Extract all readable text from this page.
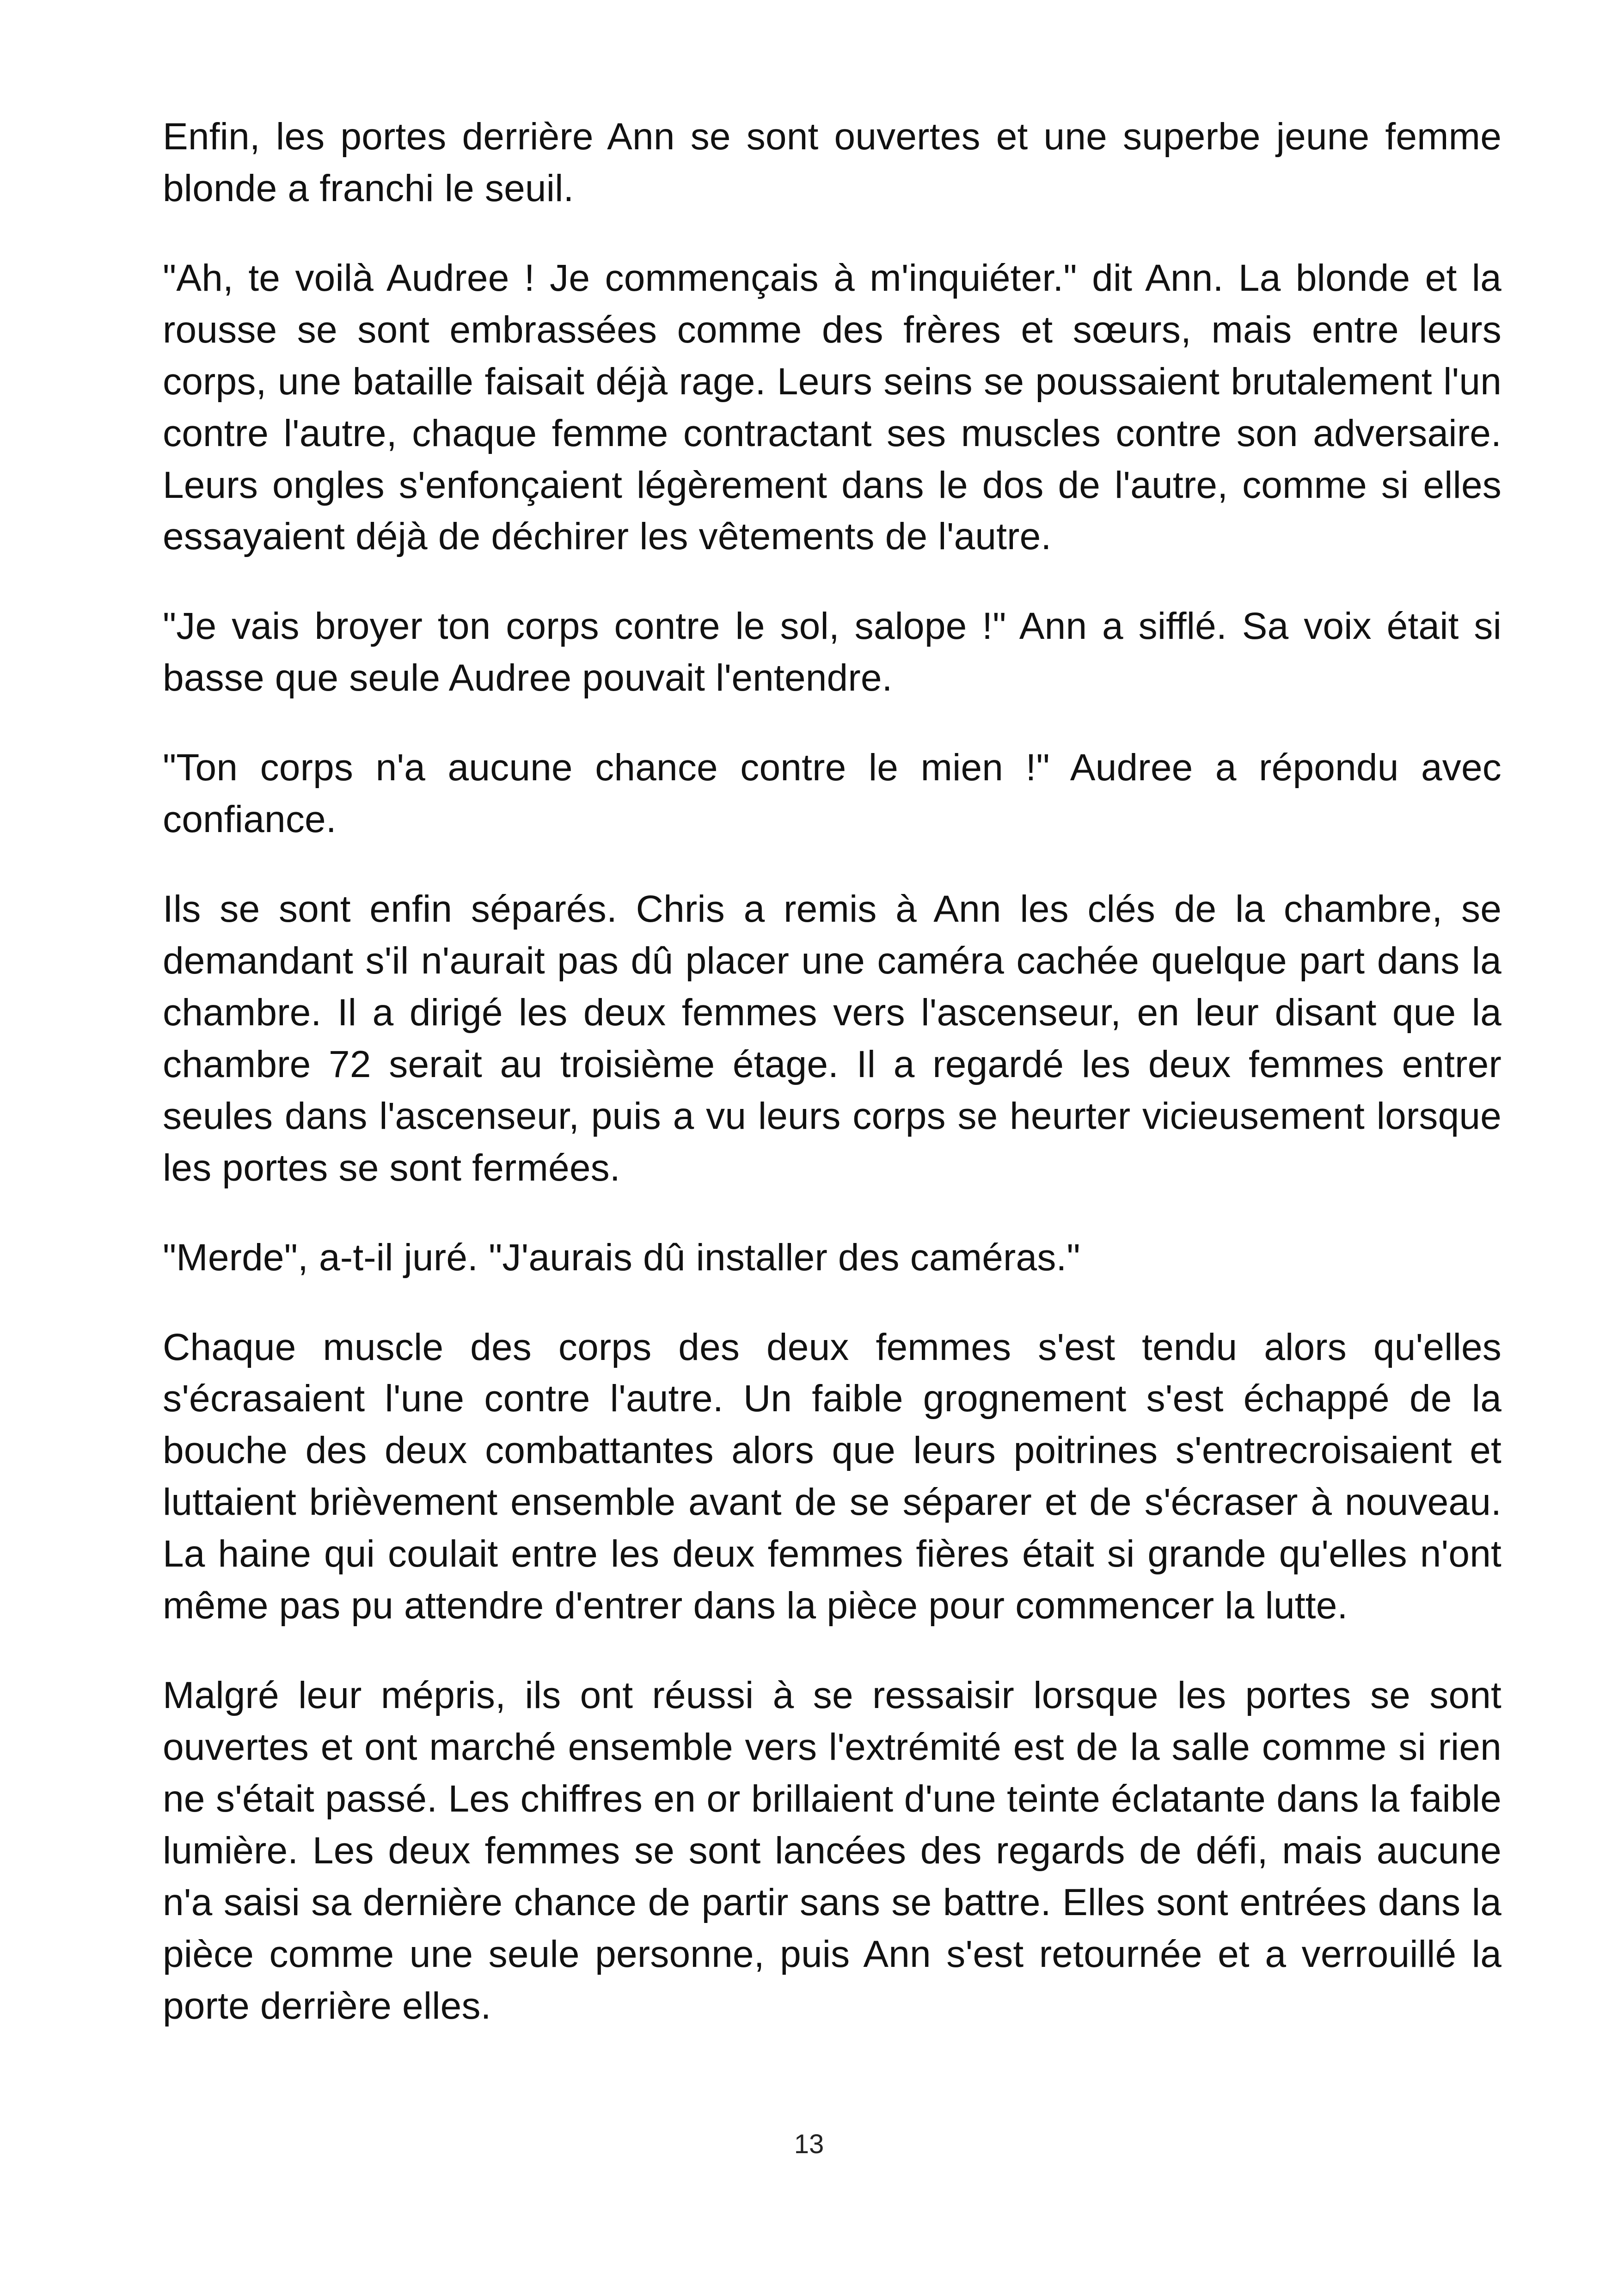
Enfin, les portes derrière Ann se sont ouvertes et une superbe jeune femme blonde a franchi le seuil.

"Ah, te voilà Audree ! Je commençais à m'inquiéter." dit Ann. La blonde et la rousse se sont embrassées comme des frères et sœurs, mais entre leurs corps, une bataille faisait déjà rage. Leurs seins se poussaient brutalement l'un contre l'autre, chaque femme contractant ses muscles contre son adversaire. Leurs ongles s'enfonçaient légèrement dans le dos de l'autre, comme si elles essayaient déjà de déchirer les vêtements de l'autre.

"Je vais broyer ton corps contre le sol, salope !" Ann a sifflé. Sa voix était si basse que seule Audree pouvait l'entendre.

"Ton corps n'a aucune chance contre le mien !" Audree a répondu avec confiance.

Ils se sont enfin séparés. Chris a remis à Ann les clés de la chambre, se demandant s'il n'aurait pas dû placer une caméra cachée quelque part dans la chambre. Il a dirigé les deux femmes vers l'ascenseur, en leur disant que la chambre 72 serait au troisième étage. Il a regardé les deux femmes entrer seules dans l'ascenseur, puis a vu leurs corps se heurter vicieusement lorsque les portes se sont fermées.

"Merde", a-t-il juré. "J'aurais dû installer des caméras."

Chaque muscle des corps des deux femmes s'est tendu alors qu'elles s'écrasaient l'une contre l'autre. Un faible grognement s'est échappé de la bouche des deux combattantes alors que leurs poitrines s'entrecroisaient et luttaient brièvement ensemble avant de se séparer et de s'écraser à nouveau. La haine qui coulait entre les deux femmes fières était si grande qu'elles n'ont même pas pu attendre d'entrer dans la pièce pour commencer la lutte.

Malgré leur mépris, ils ont réussi à se ressaisir lorsque les portes se sont ouvertes et ont marché ensemble vers l'extrémité est de la salle comme si rien ne s'était passé. Les chiffres en or brillaient d'une teinte éclatante dans la faible lumière. Les deux femmes se sont lancées des regards de défi, mais aucune n'a saisi sa dernière chance de partir sans se battre. Elles sont entrées dans la pièce comme une seule personne, puis Ann s'est retournée et a verrouillé la porte derrière elles.

13
